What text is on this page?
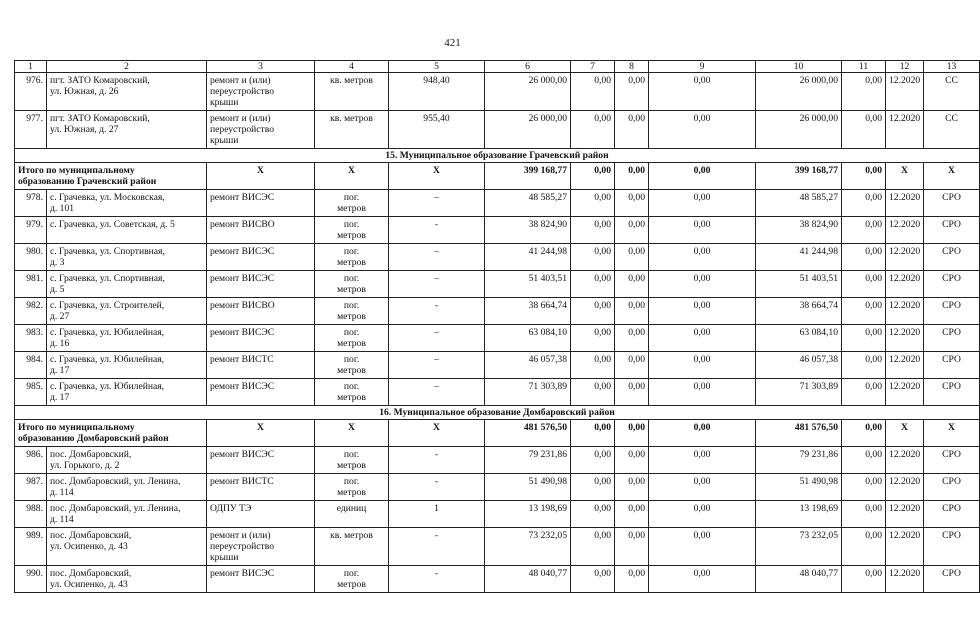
421
1	2	3	4	5	6	7	8	9	10	11	12	13
976.	пгт. ЗАТО Комаровский,
ул. Южная, д. 26	ремонт и (или)
переустройство
крыши	кв. метров	948,40	26 000,00	0,00	0,00	0,00	26 000,00	0,00	12.2020	СС
977.	пгт. ЗАТО Комаровский,
ул. Южная, д. 27	ремонт и (или)
переустройство
крыши	кв. метров	955,40	26 000,00	0,00	0,00	0,00	26 000,00	0,00	12.2020	СС
15. Муниципальное образование Грачевский район												

Итого по муниципальному
образованию Грачевский район		Х	Х	Х	399 168,77	0,00	0,00	0,00	399 168,77	0,00	Х	Х
978.	с. Грачевка, ул. Московская,
д. 101	ремонт ВИСЭС	пог.
метров	–	48 585,27	0,00	0,00	0,00	48 585,27	0,00	12.2020	СРО
979.	с. Грачевка, ул. Советская, д. 5	ремонт ВИСВО	пог.
метров	-	38 824,90	0,00	0,00	0,00	38 824,90	0,00	12.2020	СРО
980.	с. Грачевка, ул. Спортивная,
д. 3	ремонт ВИСЭС	пог.
метров	–	41 244,98	0,00	0,00	0,00	41 244,98	0,00	12.2020	СРО
981.	с. Грачевка, ул. Спортивная,
д. 5	ремонт ВИСЭС	пог.
метров	–	51 403,51	0,00	0,00	0,00	51 403,51	0,00	12.2020	СРО
982.	с. Грачевка, ул. Строителей,
д. 27	ремонт ВИСВО	пог.
метров	-	38 664,74	0,00	0,00	0,00	38 664,74	0,00	12.2020	СРО
983.	с. Грачевка, ул. Юбилейная,
д. 16	ремонт ВИСЭС	пог.
метров	–	63 084,10	0,00	0,00	0,00	63 084,10	0,00	12.2020	СРО
984.	с. Грачевка, ул. Юбилейная,
д. 17	ремонт ВИСТС	пог.
метров	–	46 057,38	0,00	0,00	0,00	46 057,38	0,00	12.2020	СРО
985.	с. Грачевка, ул. Юбилейная,
д. 17	ремонт ВИСЭС	пог.
метров	–	71 303,89	0,00	0,00	0,00	71 303,89	0,00	12.2020	СРО
16. Муниципальное образование Домбаровский район												

Итого по муниципальному
образованию Домбаровский район		Х	Х	Х	481 576,50	0,00	0,00	0,00	481 576,50	0,00	Х	Х
986.	пос. Домбаровский,
ул. Горького, д. 2	ремонт ВИСЭС	пог.
метров	-	79 231,86	0,00	0,00	0,00	79 231,86	0,00	12.2020	СРО
987.	пос. Домбаровский, ул. Ленина,
д. 114	ремонт ВИСТС	пог.
метров	-	51 490,98	0,00	0,00	0,00	51 490,98	0,00	12.2020	СРО
988.	пос. Домбаровский, ул. Ленина,
д. 114	ОДПУ ТЭ	единиц	1	13 198,69	0,00	0,00	0,00	13 198,69	0,00	12.2020	СРО
989.	пос. Домбаровский,
ул. Осипенко, д. 43	ремонт и (или)
переустройство
крыши	кв. метров	-	73 232,05	0,00	0,00	0,00	73 232,05	0,00	12.2020	СРО
990.	пос. Домбаровский,
ул. Осипенко, д. 43	ремонт ВИСЭС	пог.
метров	-	48 040,77	0,00	0,00	0,00	48 040,77	0,00	12.2020	СРО
